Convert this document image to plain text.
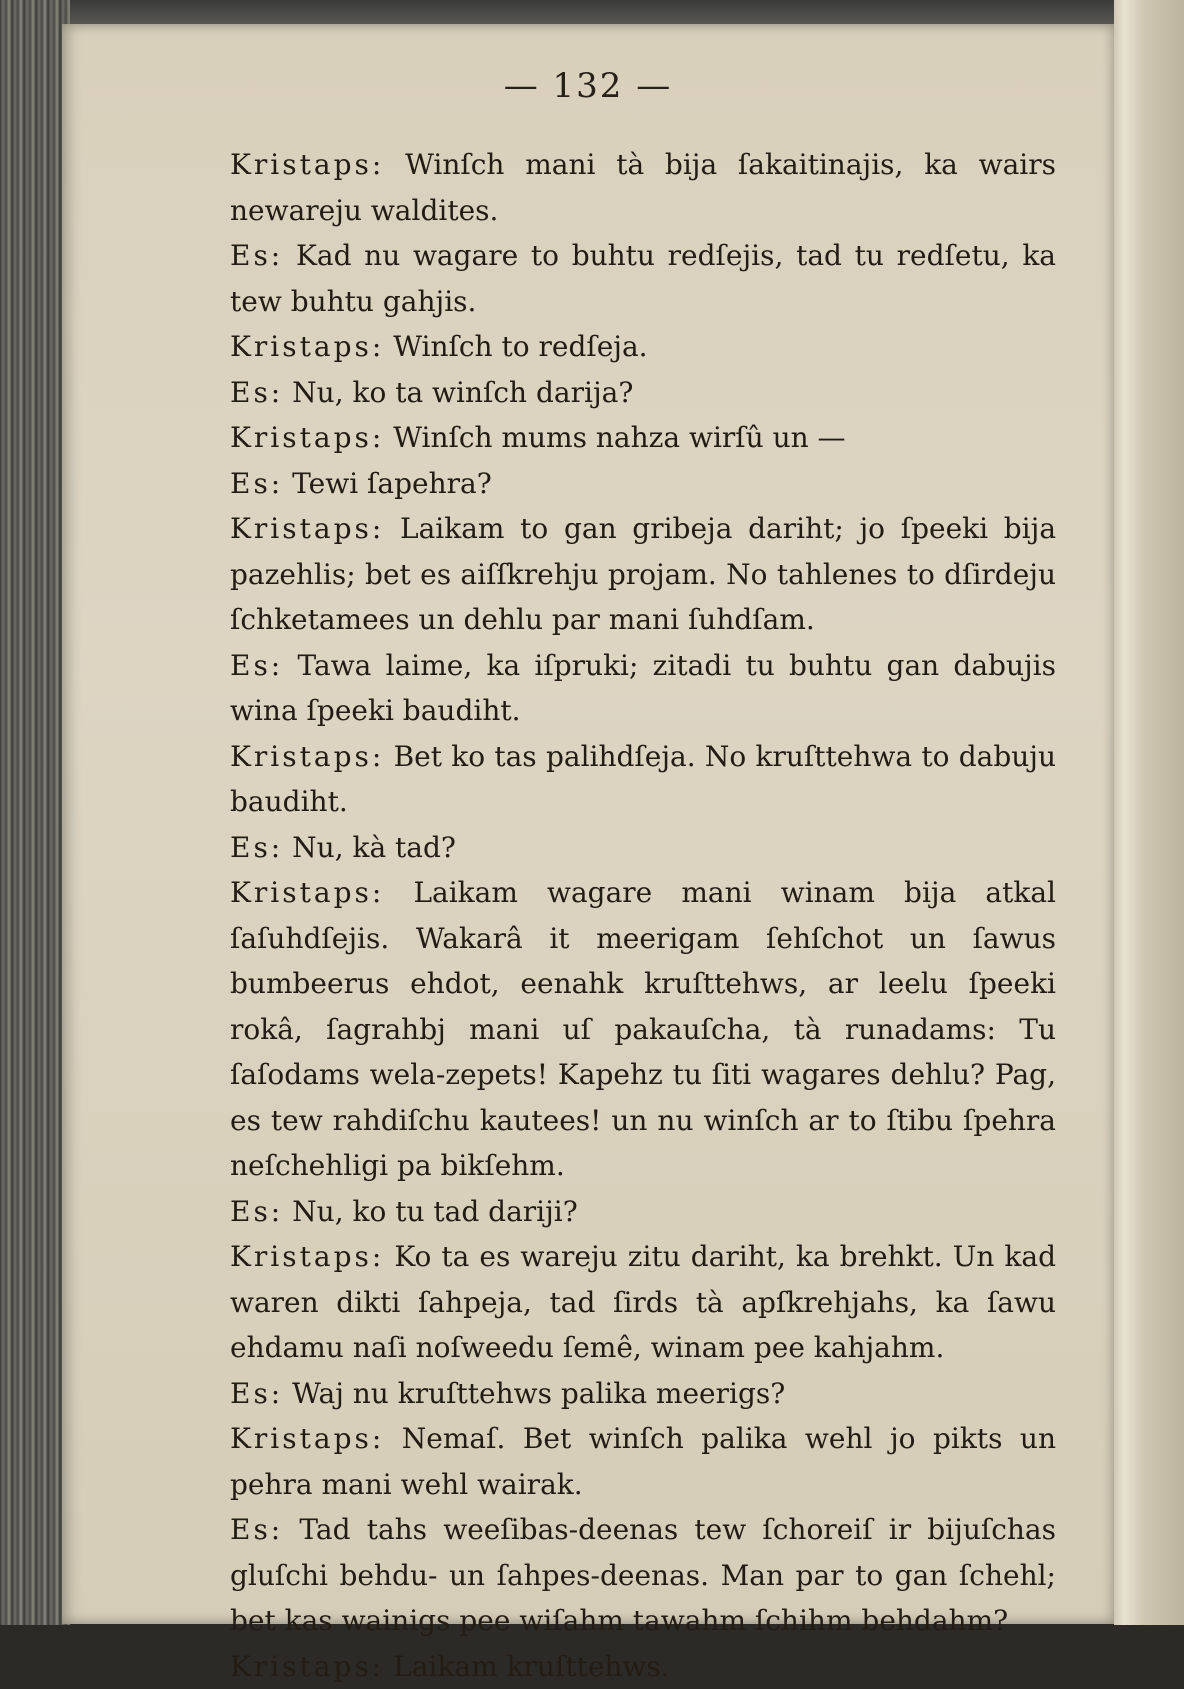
— 132 —

Kristaps: Winſch mani tà bija ſakaitinajis, ka wairs newareju waldites.

Es: Kad nu wagare to buhtu redſejis, tad tu redſetu, ka tew buhtu gahjis.

Kristaps: Winſch to redſeja.

Es: Nu, ko ta winſch darija?

Kristaps: Winſch mums nahza wirſû un —

Es: Tewi ſapehra?

Kristaps: Laikam to gan gribeja dariht; jo ſpeeki bija pazehlis; bet es aiſſkrehju projam. No tahlenes to dſirdeju ſchketamees un dehlu par mani ſuhdſam.

Es: Tawa laime, ka iſpruki; zitadi tu buhtu gan dabujis wina ſpeeki baudiht.

Kristaps: Bet ko tas palihdſeja. No kruſttehwa to dabuju baudiht.

Es: Nu, kà tad?

Kristaps: Laikam wagare mani winam bija atkal ſaſuhdſejis. Wakarâ it meerigam ſehſchot un ſawus bumbeerus ehdot, eenahk kruſttehws, ar leelu ſpeeki rokâ, ſagrahbj mani uſ pakauſcha, tà runadams: Tu ſaſodams wela-zepets! Kapehz tu ſiti wagares dehlu? Pag, es tew rahdiſchu kautees! un nu winſch ar to ſtibu ſpehra neſchehligi pa bikſehm.

Es: Nu, ko tu tad dariji?

Kristaps: Ko ta es wareju zitu dariht, ka brehkt. Un kad waren dikti ſahpeja, tad ſirds tà apſkrehjahs, ka ſawu ehdamu naſi noſweedu ſemê, winam pee kahjahm.

Es: Waj nu kruſttehws palika meerigs?

Kristaps: Nemaſ. Bet winſch palika wehl jo pikts un pehra mani wehl wairak.

Es: Tad tahs weeſibas-deenas tew ſchoreiſ ir bijuſchas gluſchi behdu- un ſahpes-deenas. Man par to gan ſchehl; bet kas wainigs pee wiſahm tawahm ſchihm behdahm?

Kristaps: Laikam kruſttehws.
